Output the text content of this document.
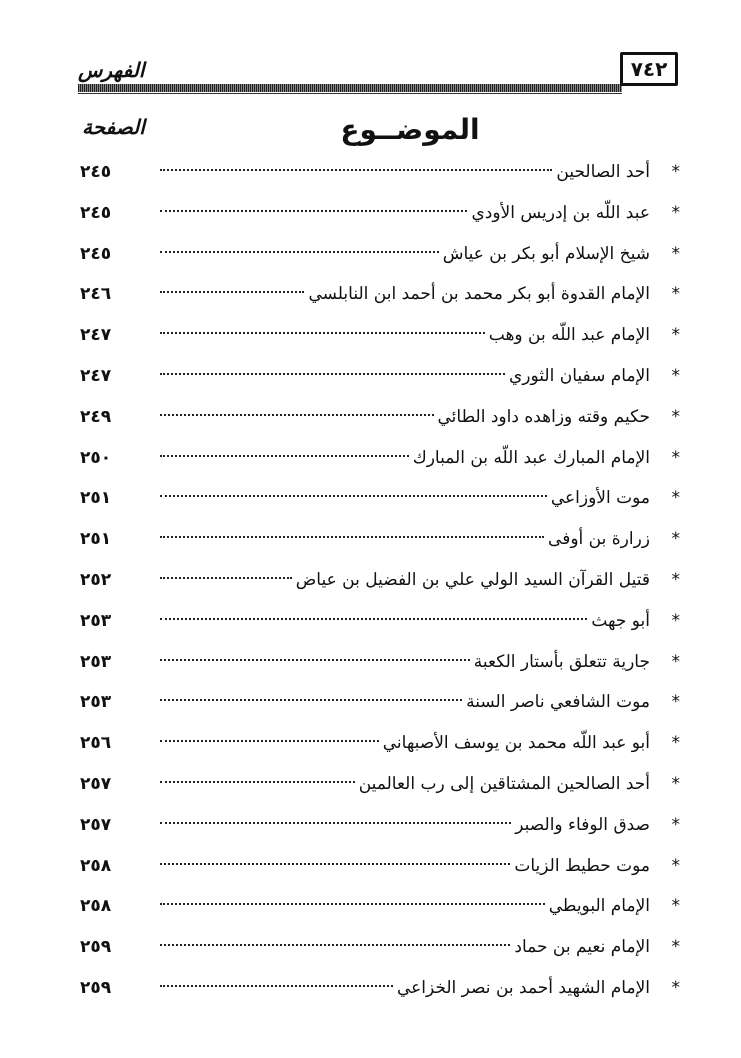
الفهرس	٧٤٢
الموضــوع
الصفحة
*
أحد الصالحين
٢٤٥
*
عبد اللّه بن إدريس الأودي
٢٤٥
*
شيخ الإسلام أبو بكر بن عياش
٢٤٥
*
الإمام القدوة أبو بكر محمد بن أحمد ابن النابلسي
٢٤٦
*
الإمام عبد اللّه بن وهب
٢٤٧
*
الإمام سفيان الثوري
٢٤٧
*
حكيم وقته وزاهده داود الطائي
٢٤٩
*
الإمام المبارك عبد اللّه بن المبارك
٢٥٠
*
موت الأوزاعي
٢٥١
*
زرارة بن أوفى
٢٥١
*
قتيل القرآن السيد الولي علي بن الفضيل بن عياض
٢٥٢
*
أبو جهث
٢٥٣
*
جارية تتعلق بأستار الكعبة
٢٥٣
*
موت الشافعي ناصر السنة
٢٥٣
*
أبو عبد اللّه محمد بن يوسف الأصبهاني
٢٥٦
*
أحد الصالحين المشتاقين إلى رب العالمين
٢٥٧
*
صدق الوفاء والصبر
٢٥٧
*
موت حطيط الزيات
٢٥٨
*
الإمام البويطي
٢٥٨
*
الإمام نعيم بن حماد
٢٥٩
*
الإمام الشهيد أحمد بن نصر الخزاعي
٢٥٩
